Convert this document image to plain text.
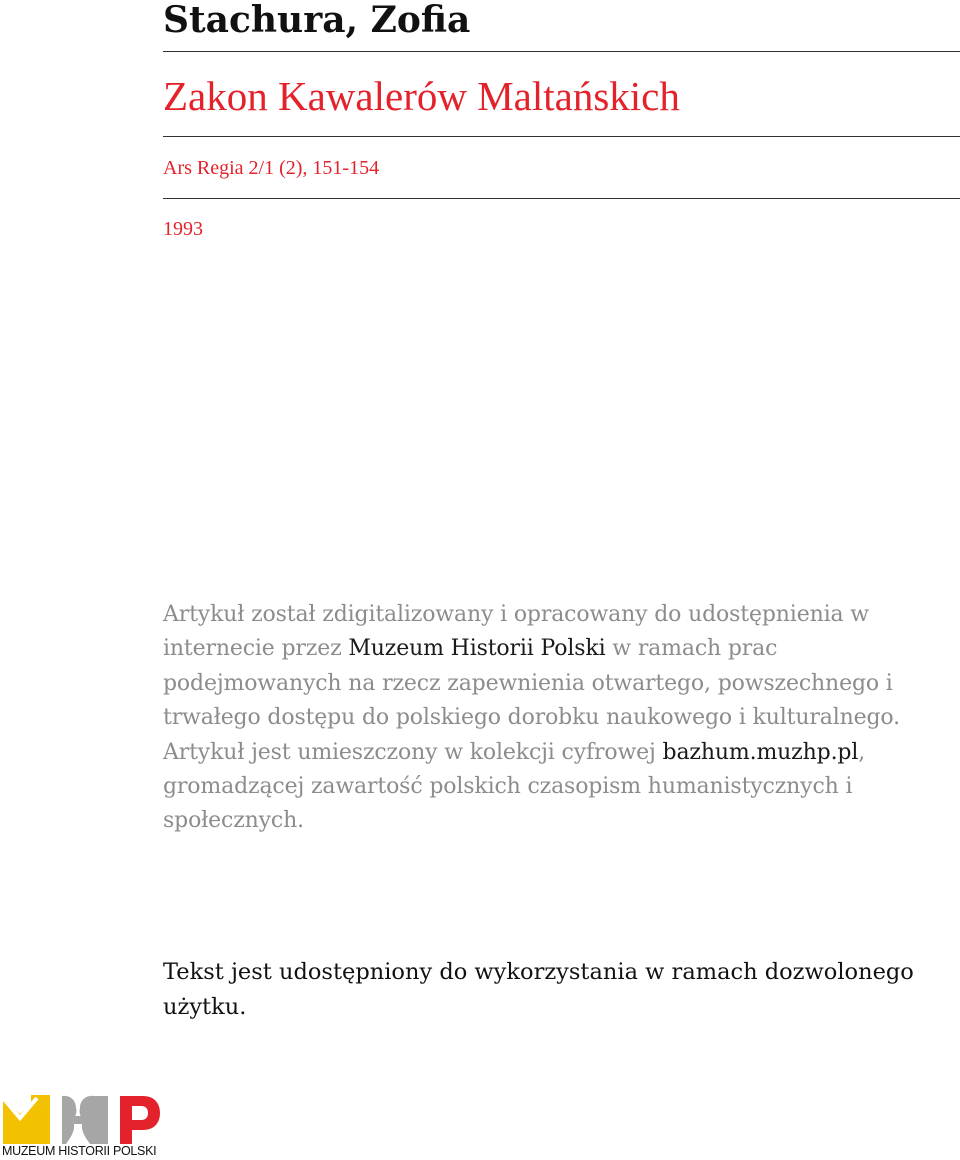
Stachura, Zofia
Zakon Kawalerów Maltańskich
Ars Regia 2/1 (2), 151-154
1993

Artykuł został zdigitalizowany i opracowany do udostępnienia w internecie przez Muzeum Historii Polski w ramach prac podejmowanych na rzecz zapewnienia otwartego, powszechnego i trwałego dostępu do polskiego dorobku naukowego i kulturalnego. Artykuł jest umieszczony w kolekcji cyfrowej bazhum.muzhp.pl, gromadzącej zawartość polskich czasopism humanistycznych i społecznych.

Tekst jest udostępniony do wykorzystania w ramach dozwolonego użytku.

MUZEUM HISTORII POLSKI
